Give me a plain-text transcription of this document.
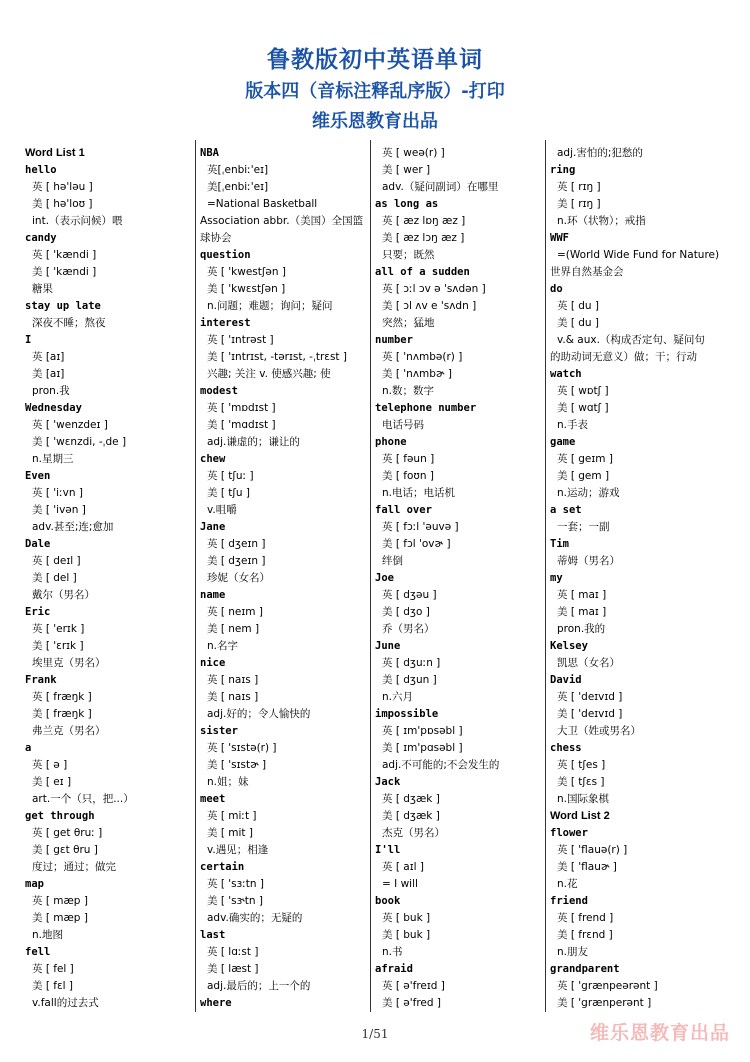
鲁教版初中英语单词
版本四（音标注释乱序版）-打印
维乐恩教育出品
Word List 1
hello
英 [ hə'ləu ]
美 [ hə'loʊ ]
int.（表示问候）喂
candy
英 [ 'kændi ]
美 [ 'kændi ]
糖果
stay up late
深夜不睡；熬夜
I
英 [aɪ]
美 [aɪ]
pron.我
Wednesday
英 [ 'wenzdeɪ ]
美 [ 'wɛnzdi, -ˌde ]
n.星期三
Even
英 [ 'iːvn ]
美 [ 'ivən ]
adv.甚至;连;愈加
Dale
英 [ deɪl ]
美 [ del ]
戴尔（男名）
Eric
英 [ 'erɪk ]
美 [ 'ɛrɪk ]
埃里克（男名）
Frank
英 [ fræŋk ]
美 [ fræŋk ]
弗兰克（男名）
a
英 [ ə ]
美 [ eɪ ]
art.一个（只，把...）
get through
英 [ get θruː ]
美 [ gɛt θru ]
度过；通过；做完
map
英 [ mæp ]
美 [ mæp ]
n.地图
fell
英 [ fel ]
美 [ fɛl ]
v.fall的过去式
NBA
英[ˌenbiː'eɪ]
美[ˌenbiː'eɪ]
=National Basketball
Association abbr.（美国）全国篮
球协会
question
英 [ 'kwestʃən ]
美 [ 'kwɛstʃən ]
n.问题；难题；询问；疑问
interest
英 [ 'ɪntrəst ]
美 [ 'ɪntrɪst, -tərɪst, -ˌtrɛst ]
兴趣; 关注 v. 使感兴趣; 使
modest
英 [ 'mɒdɪst ]
美 [ 'mɑdɪst ]
adj.谦虚的；谦让的
chew
英 [ tʃuː ]
美 [ tʃu ]
v.咀嚼
Jane
英 [ dʒeɪn ]
美 [ dʒeɪn ]
珍妮（女名）
name
英 [ neɪm ]
美 [ nem ]
n.名字
nice
英 [ naɪs ]
美 [ naɪs ]
adj.好的；令人愉快的
sister
英 [ 'sɪstə(r) ]
美 [ 'sɪstɚ ]
n.姐；妹
meet
英 [ miːt ]
美 [ mit ]
v.遇见；相逢
certain
英 [ 'sɜːtn ]
美 [ 'sɝtn ]
adv.确实的；无疑的
last
英 [ lɑːst ]
美 [ læst ]
adj.最后的；上一个的
where
英 [ weə(r) ]
美 [ wer ]
adv.（疑问副词）在哪里
as long as
英 [ æz lɒŋ æz ]
美 [ æz lɔŋ æz ]
只要；既然
all of a sudden
英 [ ɔːl ɔv ə 'sʌdən ]
美 [ ɔl ʌv e 'sʌdn ]
突然；猛地
number
英 [ 'nʌmbə(r) ]
美 [ 'nʌmbɚ ]
n.数；数字
telephone number
电话号码
phone
英 [ fəun ]
美 [ foʊn ]
n.电话；电话机
fall over
英 [ fɔːl 'əuvə ]
美 [ fɔl 'ovɚ ]
绊倒
Joe
英 [ dʒəu ]
美 [ dʒo ]
乔（男名）
June
英 [ dʒuːn ]
美 [ dʒun ]
n.六月
impossible
英 [ ɪm'pɒsəbl ]
美 [ ɪm'pɑsəbl ]
adj.不可能的;不会发生的
Jack
英 [ dʒæk ]
美 [ dʒæk ]
杰克（男名）
I'll
英 [ aɪl ]
= I will
book
英 [ buk ]
美 [ buk ]
n.书
afraid
英 [ ə'freɪd ]
美 [ ə'fred ]
adj.害怕的;犯愁的
ring
英 [ rɪŋ ]
美 [ rɪŋ ]
n.环（状物）；戒指
WWF
=(World Wide Fund for Nature)
世界自然基金会
do
英 [ du ]
美 [ du ]
v.& aux.（构成否定句、疑问句
的助动词无意义）做；干；行动
watch
英 [ wɒtʃ ]
美 [ wɑtʃ ]
n.手表
game
英 [ geɪm ]
美 [ gem ]
n.运动；游戏
a set
一套；一副
Tim
蒂姆（男名）
my
英 [ maɪ ]
美 [ maɪ ]
pron.我的
Kelsey
凯思（女名）
David
英 [ 'deɪvɪd ]
美 [ 'deɪvɪd ]
大卫（姓或男名）
chess
英 [ tʃes ]
美 [ tʃɛs ]
n.国际象棋
Word List 2
flower
英 [ 'flauə(r) ]
美 [ 'flauɚ ]
n.花
friend
英 [ frend ]
美 [ frɛnd ]
n.朋友
grandparent
英 [ 'grænpeərənt ]
美 [ 'grænperənt ]
1/51	维乐恩教育出品
